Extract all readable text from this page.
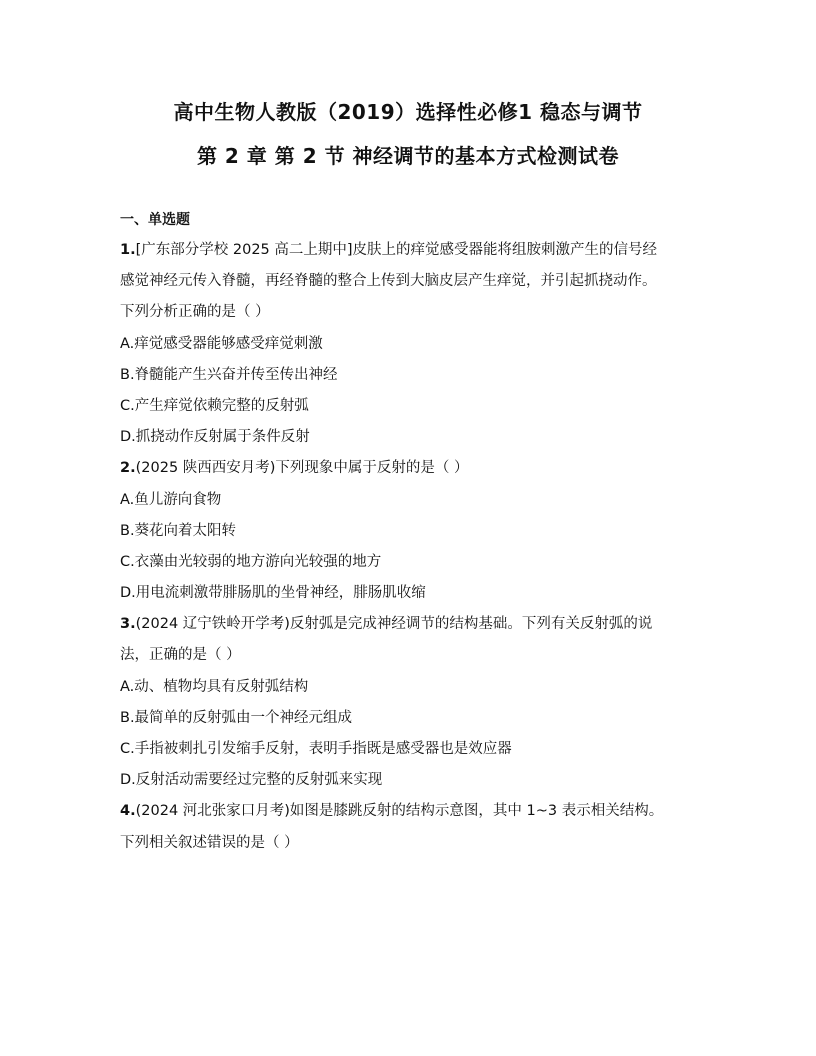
高中生物人教版（2019）选择性必修1 稳态与调节
第 2 章 第 2 节 神经调节的基本方式检测试卷
一、单选题
1.[广东部分学校 2025 高二上期中]皮肤上的痒觉感受器能将组胺刺激产生的信号经
感觉神经元传入脊髓，再经脊髓的整合上传到大脑皮层产生痒觉，并引起抓挠动作。
下列分析正确的是（ ）
A.痒觉感受器能够感受痒觉刺激
B.脊髓能产生兴奋并传至传出神经
C.产生痒觉依赖完整的反射弧
D.抓挠动作反射属于条件反射
2.(2025 陕西西安月考)下列现象中属于反射的是（ ）
A.鱼儿游向食物
B.葵花向着太阳转
C.衣藻由光较弱的地方游向光较强的地方
D.用电流刺激带腓肠肌的坐骨神经，腓肠肌收缩
3.(2024 辽宁铁岭开学考)反射弧是完成神经调节的结构基础。下列有关反射弧的说
法，正确的是（ ）
A.动、植物均具有反射弧结构
B.最简单的反射弧由一个神经元组成
C.手指被刺扎引发缩手反射，表明手指既是感受器也是效应器
D.反射活动需要经过完整的反射弧来实现
4.(2024 河北张家口月考)如图是膝跳反射的结构示意图，其中 1~3 表示相关结构。
下列相关叙述错误的是（ ）
